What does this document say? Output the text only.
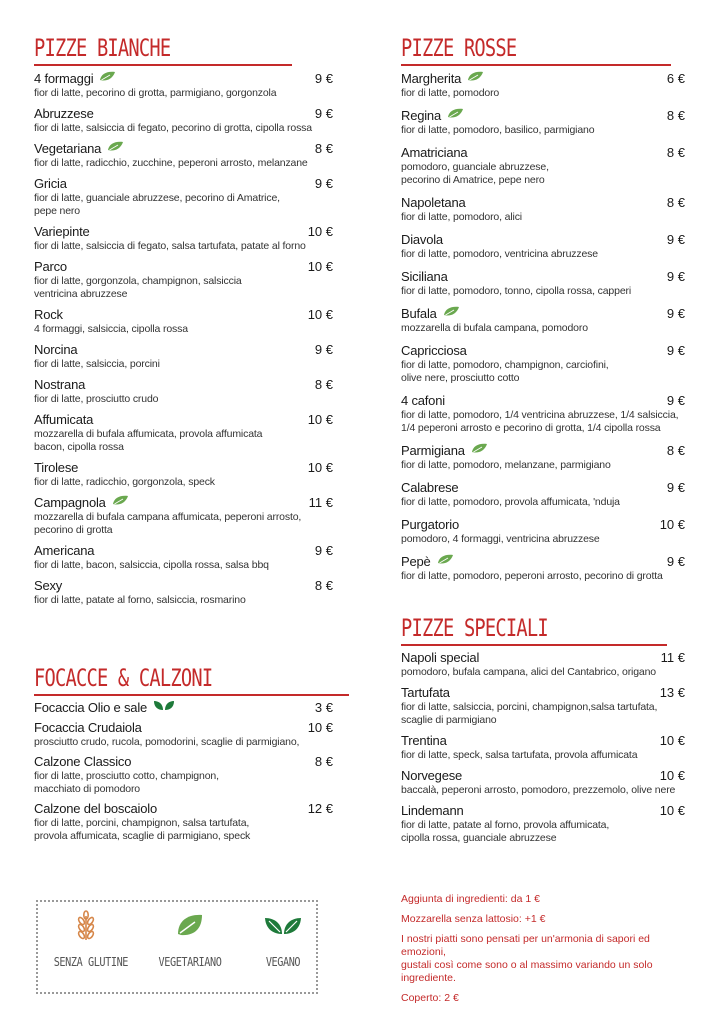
PIZZE BIANCHE
4 formaggi	9 €
fior di latte, pecorino di grotta, parmigiano, gorgonzola
Abruzzese	9 €
fior di latte, salsiccia di fegato, pecorino di grotta, cipolla rossa
Vegetariana	8 €
fior di latte, radicchio, zucchine, peperoni arrosto, melanzane
Gricia	9 €
fior di latte, guanciale abruzzese, pecorino di Amatrice,
pepe nero
Variepinte	10 €
fior di latte, salsiccia di fegato, salsa tartufata, patate al forno
Parco	10 €
fior di latte, gorgonzola, champignon, salsiccia
ventricina abruzzese
Rock	10 €
4 formaggi, salsiccia, cipolla rossa
Norcina	9 €
fior di latte, salsiccia, porcini
Nostrana	8 €
fior di latte, prosciutto crudo
Affumicata	10 €
mozzarella di bufala affumicata, provola affumicata
bacon, cipolla rossa
Tirolese	10 €
fior di latte, radicchio, gorgonzola, speck
Campagnola	11 €
mozzarella di bufala campana affumicata, peperoni arrosto,
pecorino di grotta
Americana	9 €
fior di latte, bacon, salsiccia, cipolla rossa, salsa bbq
Sexy	8 €
fior di latte, patate al forno, salsiccia, rosmarino
FOCACCE & CALZONI
Focaccia Olio e sale	3 €
Focaccia Crudaiola	10 €
prosciutto crudo, rucola, pomodorini, scaglie di parmigiano,
Calzone Classico	8 €
fior di latte, prosciutto cotto, champignon,
macchiato di pomodoro
Calzone del boscaiolo	12 €
fior di latte, porcini, champignon, salsa tartufata,
provola affumicata, scaglie di parmigiano, speck
PIZZE ROSSE
Margherita	6 €
fior di latte, pomodoro
Regina	8 €
fior di latte, pomodoro, basilico, parmigiano
Amatriciana	8 €
pomodoro, guanciale abruzzese,
pecorino di Amatrice, pepe nero
Napoletana	8 €
fior di latte, pomodoro, alici
Diavola	9 €
fior di latte, pomodoro, ventricina abruzzese
Siciliana	9 €
fior di latte, pomodoro, tonno, cipolla rossa, capperi
Bufala	9 €
mozzarella di bufala campana, pomodoro
Capricciosa	9 €
fior di latte, pomodoro, champignon, carciofini,
olive nere, prosciutto cotto
4 cafoni	9 €
fior di latte, pomodoro, 1/4 ventricina abruzzese, 1/4 salsiccia,
1/4 peperoni arrosto e pecorino di grotta, 1/4 cipolla rossa
Parmigiana	8 €
fior di latte, pomodoro, melanzane, parmigiano
Calabrese	9 €
fior di latte, pomodoro, provola affumicata, 'nduja
Purgatorio	10 €
pomodoro, 4 formaggi, ventricina abruzzese
Pepè	9 €
fior di latte, pomodoro, peperoni arrosto, pecorino di grotta
PIZZE SPECIALI
Napoli special	11 €
pomodoro, bufala campana, alici del Cantabrico, origano
Tartufata	13 €
fior di latte, salsiccia, porcini, champignon,salsa tartufata,
scaglie di parmigiano
Trentina	10 €
fior di latte, speck, salsa tartufata, provola affumicata
Norvegese	10 €
baccalà, peperoni arrosto, pomodoro, prezzemolo, olive nere
Lindemann	10 €
fior di latte, patate al forno, provola affumicata,
cipolla rossa, guanciale abruzzese
SENZA GLUTINE	VEGETARIANO	VEGANO

Aggiunta di ingredienti: da 1 €

Mozzarella senza lattosio: +1 €

I nostri piatti sono pensati per un'armonia di sapori ed emozioni,
gustali così come sono o al massimo variando un solo ingrediente.

Coperto: 2 €
